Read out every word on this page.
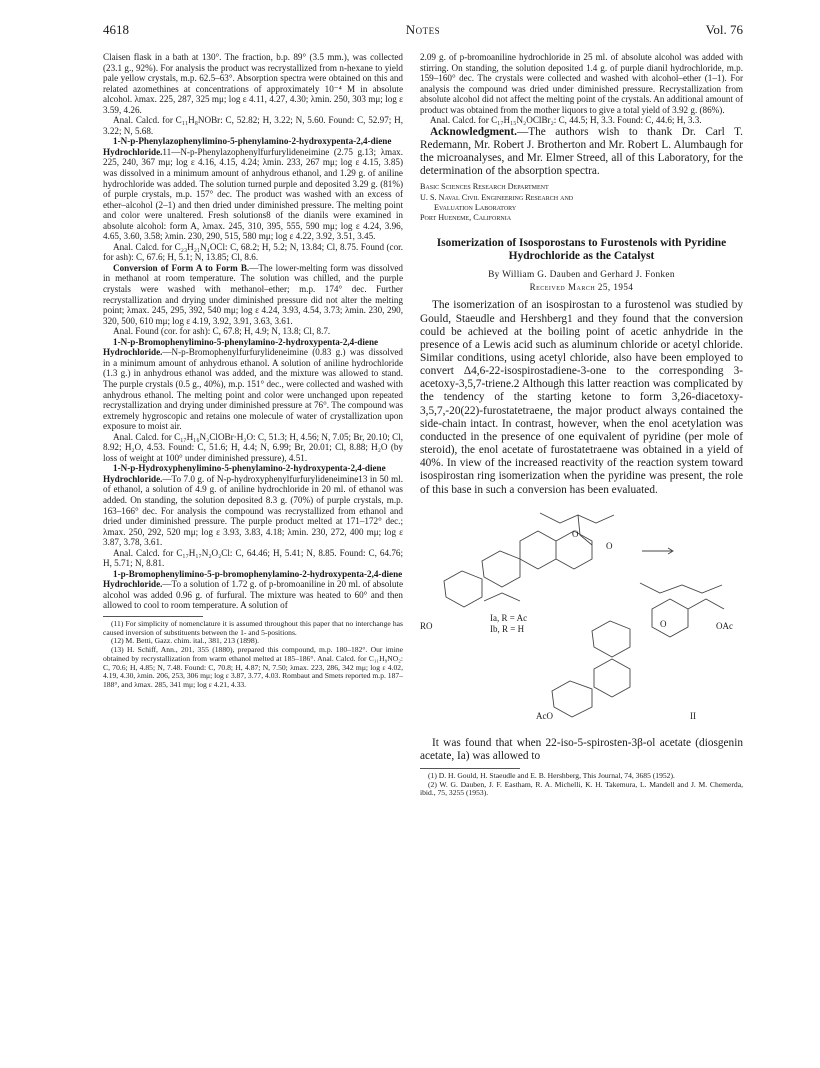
4618	Notes	Vol. 76

Claisen flask in a bath at 130°. The fraction, b.p. 89° (3.5 mm.), was collected (23.1 g., 92%). For analysis the product was recrystallized from n-hexane to yield pale yellow crystals, m.p. 62.5–63°. Absorption spectra were obtained on this and related azomethines at concentrations of approximately 10⁻⁴ M in absolute alcohol. λmax. 225, 287, 325 mμ; log ε 4.11, 4.27, 4.30; λmin. 250, 303 mμ; log ε 3.59, 4.26.

Anal. Calcd. for C₁₁H₈NOBr: C, 52.82; H, 3.22; N, 5.60. Found: C, 52.97; H, 3.22; N, 5.68.

1-N-p-Phenylazophenylimino-5-phenylamino-2-hydroxypenta-2,4-diene Hydrochloride.11—N-p-Phenylazophenylfurfurylideneimine (2.75 g.13; λmax. 225, 240, 367 mμ; log ε 4.16, 4.15, 4.24; λmin. 233, 267 mμ; log ε 4.15, 3.85) was dissolved in a minimum amount of anhydrous ethanol, and 1.29 g. of aniline hydrochloride was added. The solution turned purple and deposited 3.29 g. (81%) of purple crystals, m.p. 157° dec. The product was washed with an excess of ether–alcohol (2–1) and then dried under diminished pressure. The melting point and color were unaltered. Fresh solutions8 of the dianils were examined in absolute alcohol: form A, λmax. 245, 310, 395, 555, 590 mμ; log ε 4.24, 3.96, 4.65, 3.60, 3.58; λmin. 230, 290, 515, 580 mμ; log ε 4.22, 3.92, 3.51, 3.45.

Anal. Calcd. for C₂₃H₂₁N₄OCl: C, 68.2; H, 5.2; N, 13.84; Cl, 8.75. Found (cor. for ash): C, 67.6; H, 5.1; N, 13.85; Cl, 8.6.

Conversion of Form A to Form B.—The lower-melting form was dissolved in methanol at room temperature. The solution was chilled, and the purple crystals were washed with methanol–ether; m.p. 174° dec. Further recrystallization and drying under diminished pressure did not alter the melting point; λmax. 245, 295, 392, 540 mμ; log ε 4.24, 3.93, 4.54, 3.73; λmin. 230, 290, 320, 500, 610 mμ; log ε 4.19, 3.92, 3.91, 3.63, 3.61.

Anal. Found (cor. for ash): C, 67.8; H, 4.9; N, 13.8; Cl, 8.7.

1-N-p-Bromophenylimino-5-phenylamino-2-hydroxypenta-2,4-diene Hydrochloride.—N-p-Bromophenylfurfurylideneimine (0.83 g.) was dissolved in a minimum amount of anhydrous ethanol. A solution of aniline hydrochloride (1.3 g.) in anhydrous ethanol was added, and the mixture was allowed to stand. The purple crystals (0.5 g., 40%), m.p. 151° dec., were collected and washed with anhydrous ethanol. The melting point and color were unchanged upon repeated recrystallization and drying under diminished pressure at 76°. The compound was extremely hygroscopic and retains one molecule of water of crystallization upon exposure to moist air.

Anal. Calcd. for C₁₇H₁₆N₂ClOBr·H₂O: C, 51.3; H, 4.56; N, 7.05; Br, 20.10; Cl, 8.92; H₂O, 4.53. Found: C, 51.6; H, 4.4; N, 6.99; Br, 20.01; Cl, 8.88; H₂O (by loss of weight at 100° under diminished pressure), 4.51.

1-N-p-Hydroxyphenylimino-5-phenylamino-2-hydroxypenta-2,4-diene Hydrochloride.—To 7.0 g. of N-p-hydroxyphenylfurfurylideneimine13 in 50 ml. of ethanol, a solution of 4.9 g. of aniline hydrochloride in 20 ml. of ethanol was added. On standing, the solution deposited 8.3 g. (70%) of purple crystals, m.p. 163–166° dec. For analysis the compound was recrystallized from ethanol and dried under diminished pressure. The purple product melted at 171–172° dec.; λmax. 250, 292, 520 mμ; log ε 3.93, 3.83, 4.18; λmin. 230, 272, 400 mμ; log ε 3.87, 3.78, 3.61.

Anal. Calcd. for C₁₇H₁₇N₂O₂Cl: C, 64.46; H, 5.41; N, 8.85. Found: C, 64.76; H, 5.71; N, 8.81.

1-p-Bromophenylimino-5-p-bromophenylamino-2-hydroxypenta-2,4-diene Hydrochloride.—To a solution of 1.72 g. of p-bromoaniline in 20 ml. of absolute alcohol was added 0.96 g. of furfural. The mixture was heated to 60° and then allowed to cool to room temperature. A solution of

(11) For simplicity of nomenclature it is assumed throughout this paper that no interchange has caused inversion of substituents between the 1- and 5-positions.

(12) M. Betti, Gazz. chim. ital., 381, 213 (1898).

(13) H. Schiff, Ann., 201, 355 (1880), prepared this compound, m.p. 180–182°. Our imine obtained by recrystallization from warm ethanol melted at 185–186°. Anal. Calcd. for C₁₁H₉NO₂: C, 70.6; H, 4.85; N, 7.48. Found: C, 70.8; H, 4.87; N, 7.50; λmax. 223, 286, 342 mμ; log ε 4.02, 4.19, 4.30, λmin. 206, 253, 306 mμ; log ε 3.87, 3.77, 4.03. Rombaut and Smets reported m.p. 187–188°, and λmax. 285, 341 mμ; log ε 4.21, 4.33.

2.09 g. of p-bromoaniline hydrochloride in 25 ml. of absolute alcohol was added with stirring. On standing, the solution deposited 1.4 g. of purple dianil hydrochloride, m.p. 159–160° dec. The crystals were collected and washed with alcohol–ether (1–1). For analysis the compound was dried under diminished pressure. Recrystallization from absolute alcohol did not affect the melting point of the crystals. An additional amount of product was obtained from the mother liquors to give a total yield of 3.92 g. (86%).

Anal. Calcd. for C₁₇H₁₅N₂OClBr₂: C, 44.5; H, 3.3. Found: C, 44.6; H, 3.3.

Acknowledgment.—The authors wish to thank Dr. Carl T. Redemann, Mr. Robert J. Brotherton and Mr. Robert L. Alumbaugh for the microanalyses, and Mr. Elmer Streed, all of this Laboratory, for the determination of the absorption spectra.

Basic Sciences Research Department
U. S. Naval Civil Engineering Research and
Evaluation Laboratory
Port Hueneme, California
Isomerization of Isosporostans to Furostenols with Pyridine Hydrochloride as the Catalyst
By William G. Dauben and Gerhard J. Fonken
Received March 25, 1954

The isomerization of an isospirostan to a furostenol was studied by Gould, Staeudle and Hershberg1 and they found that the conversion could be achieved at the boiling point of acetic anhydride in the presence of a Lewis acid such as aluminum chloride or acetyl chloride. Similar conditions, using acetyl chloride, also have been employed to convert Δ4,6-22-isospirostadiene-3-one to the corresponding 3-acetoxy-3,5,7-triene.2 Although this latter reaction was complicated by the tendency of the starting ketone to form 3,26-diacetoxy-3,5,7,-20(22)-furostatetraene, the major product always contained the side-chain intact. In contrast, however, when the enol acetylation was conducted in the presence of one equivalent of pyridine (per mole of steroid), the enol acetate of furostatetraene was obtained in a yield of 40%. In view of the increased reactivity of the reaction system toward isospirostan ring isomerization when the pyridine was present, the role of this base in such a conversion has been evaluated.

O
O
O
RO
Ia, R = Ac
Ib, R = H	OAc
AcO	II

It was found that when 22-iso-5-spirosten-3β-ol acetate (diosgenin acetate, Ia) was allowed to

(1) D. H. Gould, H. Staeudle and E. B. Hershberg, This Journal, 74, 3685 (1952).

(2) W. G. Dauben, J. F. Eastham, R. A. Michelli, K. H. Takemura, L. Mandell and J. M. Chemerda, ibid., 75, 3255 (1953).
